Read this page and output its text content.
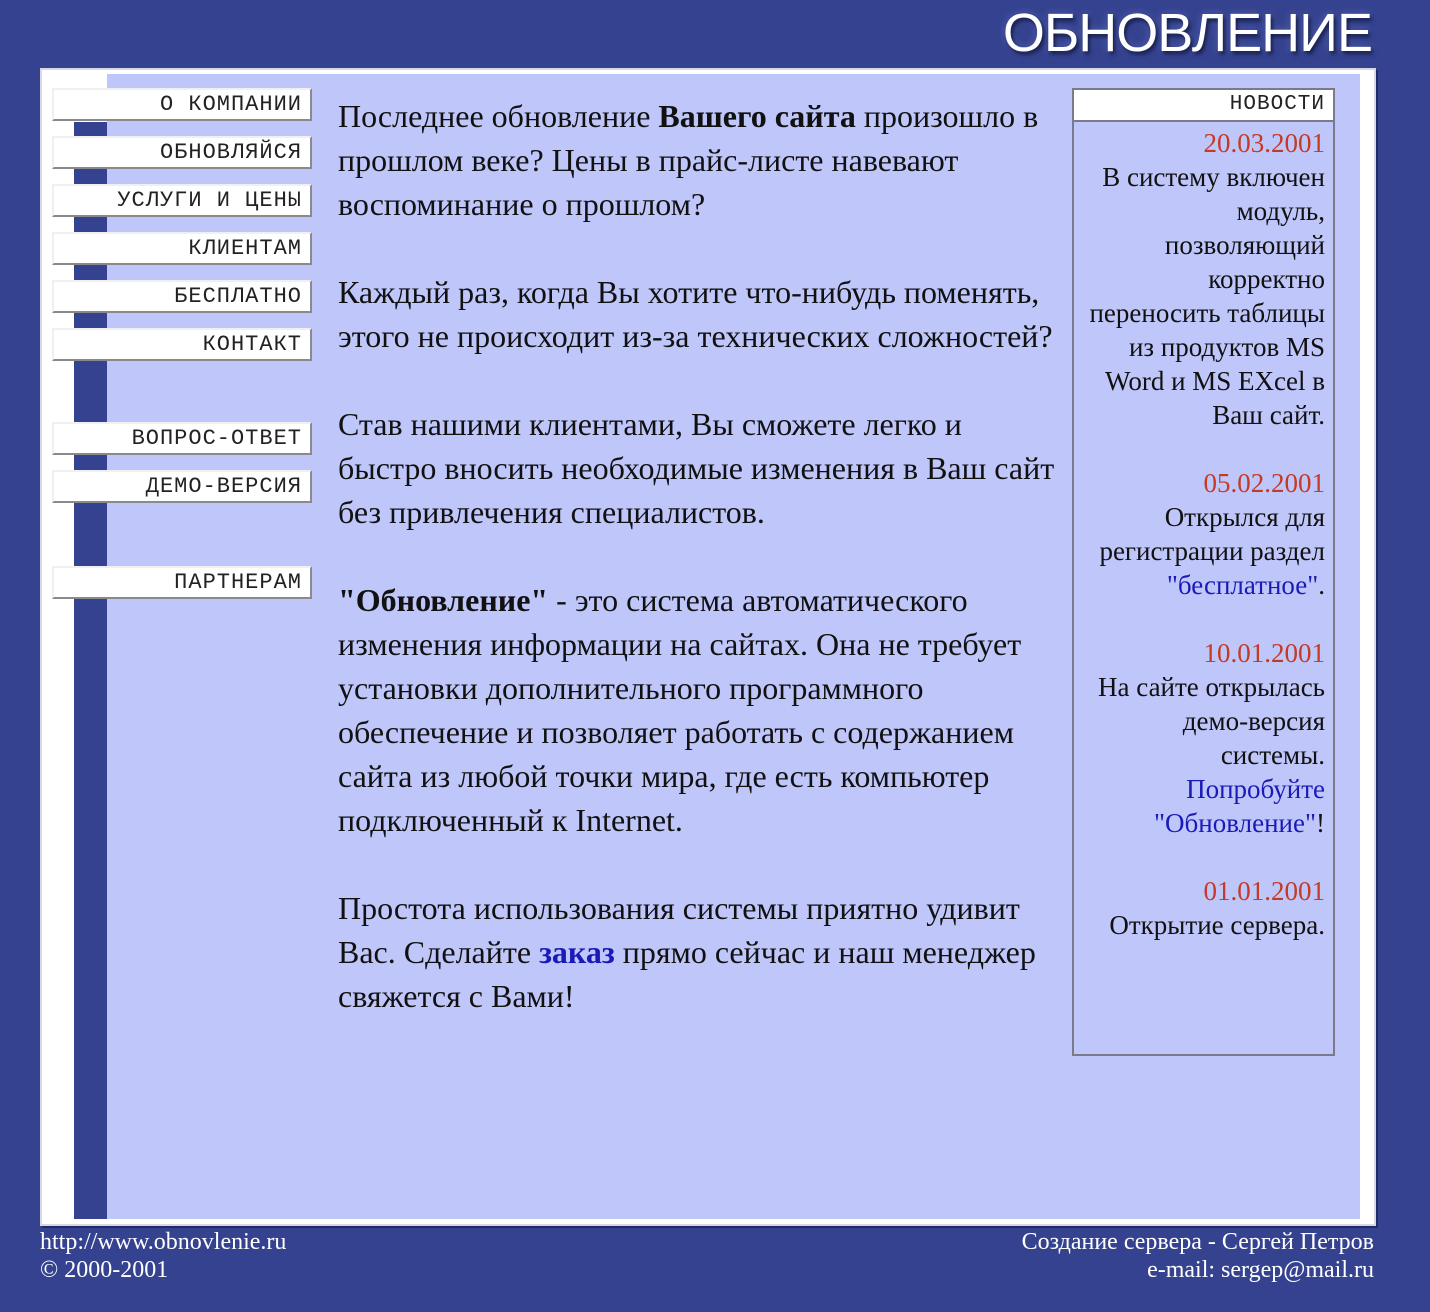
ОБНОВЛЕНИЕ
О КОМПАНИИ
ОБНОВЛЯЙСЯ
УСЛУГИ И ЦЕНЫ
КЛИЕНТАМ
БЕСПЛАТНО
КОНТАКТ
ВОПРОС-ОТВЕТ
ДЕМО-ВЕРСИЯ
ПАРТНЕРАМ

Последнее обновление Вашего сайта произошло в прошлом веке? Цены в прайс-листе навевают воспоминание о прошлом?

Каждый раз, когда Вы хотите что-нибудь поменять, этого не происходит из-за технических сложностей?

Став нашими клиентами, Вы сможете легко и быстро вносить необходимые изменения в Ваш сайт без привлечения специалистов.

"Обновление" - это система автоматического изменения информации на сайтах. Она не требует установки дополнительного программного обеспечение и позволяет работать с содержанием сайта из любой точки мира, где есть компьютер подключенный к Internet.

Простота использования системы приятно удивит Вас. Сделайте заказ прямо сейчас и наш менеджер свяжется с Вами!

НОВОСТИ
20.03.2001
В систему включен модуль, позволяющий корректно переносить таблицы из продуктов MS Word и MS EXcel в Ваш сайт.
05.02.2001
Открылся для регистрации раздел "бесплатное".
10.01.2001
На сайте открылась демо-версия системы. Попробуйте "Обновление"!
01.01.2001
Открытие сервера.
http://www.obnovlenie.ru
© 2000-2001
Создание сервера - Сергей Петров
e-mail: sergep@mail.ru
